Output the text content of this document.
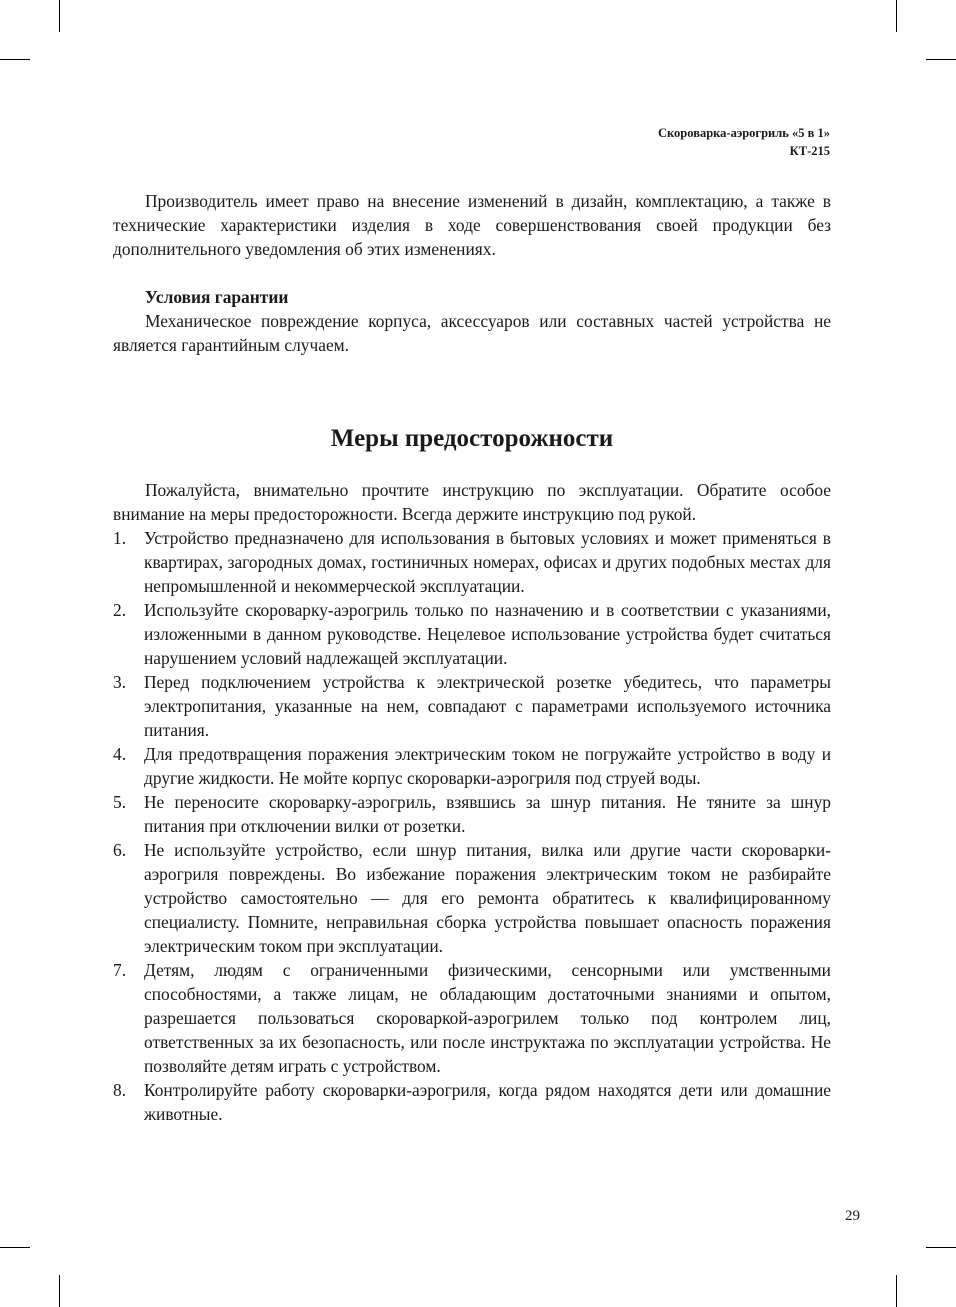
Скороварка-аэрогриль «5 в 1»
КТ-215

Производитель имеет право на внесение изменений в дизайн, комплектацию, а также в технические характеристики изделия в ходе совершенствования своей продукции без дополнительного уведомления об этих изменениях.

Условия гарантии

Механическое повреждение корпуса, аксессуаров или составных частей устройства не является гарантийным случаем.

Меры предосторожности

Пожалуйста, внимательно прочтите инструкцию по эксплуатации. Обратите особое внимание на меры предосторожности. Всегда держите инструкцию под рукой.

1. Устройство предназначено для использования в бытовых условиях и может применяться в квартирах, загородных домах, гостиничных номерах, офисах и других подобных местах для непромышленной и некоммерческой эксплуатации.
2. Используйте скороварку-аэрогриль только по назначению и в соответствии с указаниями, изложенными в данном руководстве. Нецелевое использование устройства будет считаться нарушением условий надлежащей эксплуатации.
3. Перед подключением устройства к электрической розетке убедитесь, что параметры электропитания, указанные на нем, совпадают с параметрами используемого источника питания.
4. Для предотвращения поражения электрическим током не погружайте устройство в воду и другие жидкости. Не мойте корпус скороварки-аэрогриля под струей воды.
5. Не переносите скороварку-аэрогриль, взявшись за шнур питания. Не тяните за шнур питания при отключении вилки от розетки.
6. Не используйте устройство, если шнур питания, вилка или другие части скороварки-аэрогриля повреждены. Во избежание поражения электрическим током не разбирайте устройство самостоятельно — для его ремонта обратитесь к квалифицированному специалисту. Помните, неправильная сборка устройства повышает опасность поражения электрическим током при эксплуатации.
7. Детям, людям с ограниченными физическими, сенсорными или умственными способностями, а также лицам, не обладающим достаточными знаниями и опытом, разрешается пользоваться скороваркой-аэрогрилем только под контролем лиц, ответственных за их безопасность, или после инструктажа по эксплуатации устройства. Не позволяйте детям играть с устройством.
8. Контролируйте работу скороварки-аэрогриля, когда рядом находятся дети или домашние животные.
29
